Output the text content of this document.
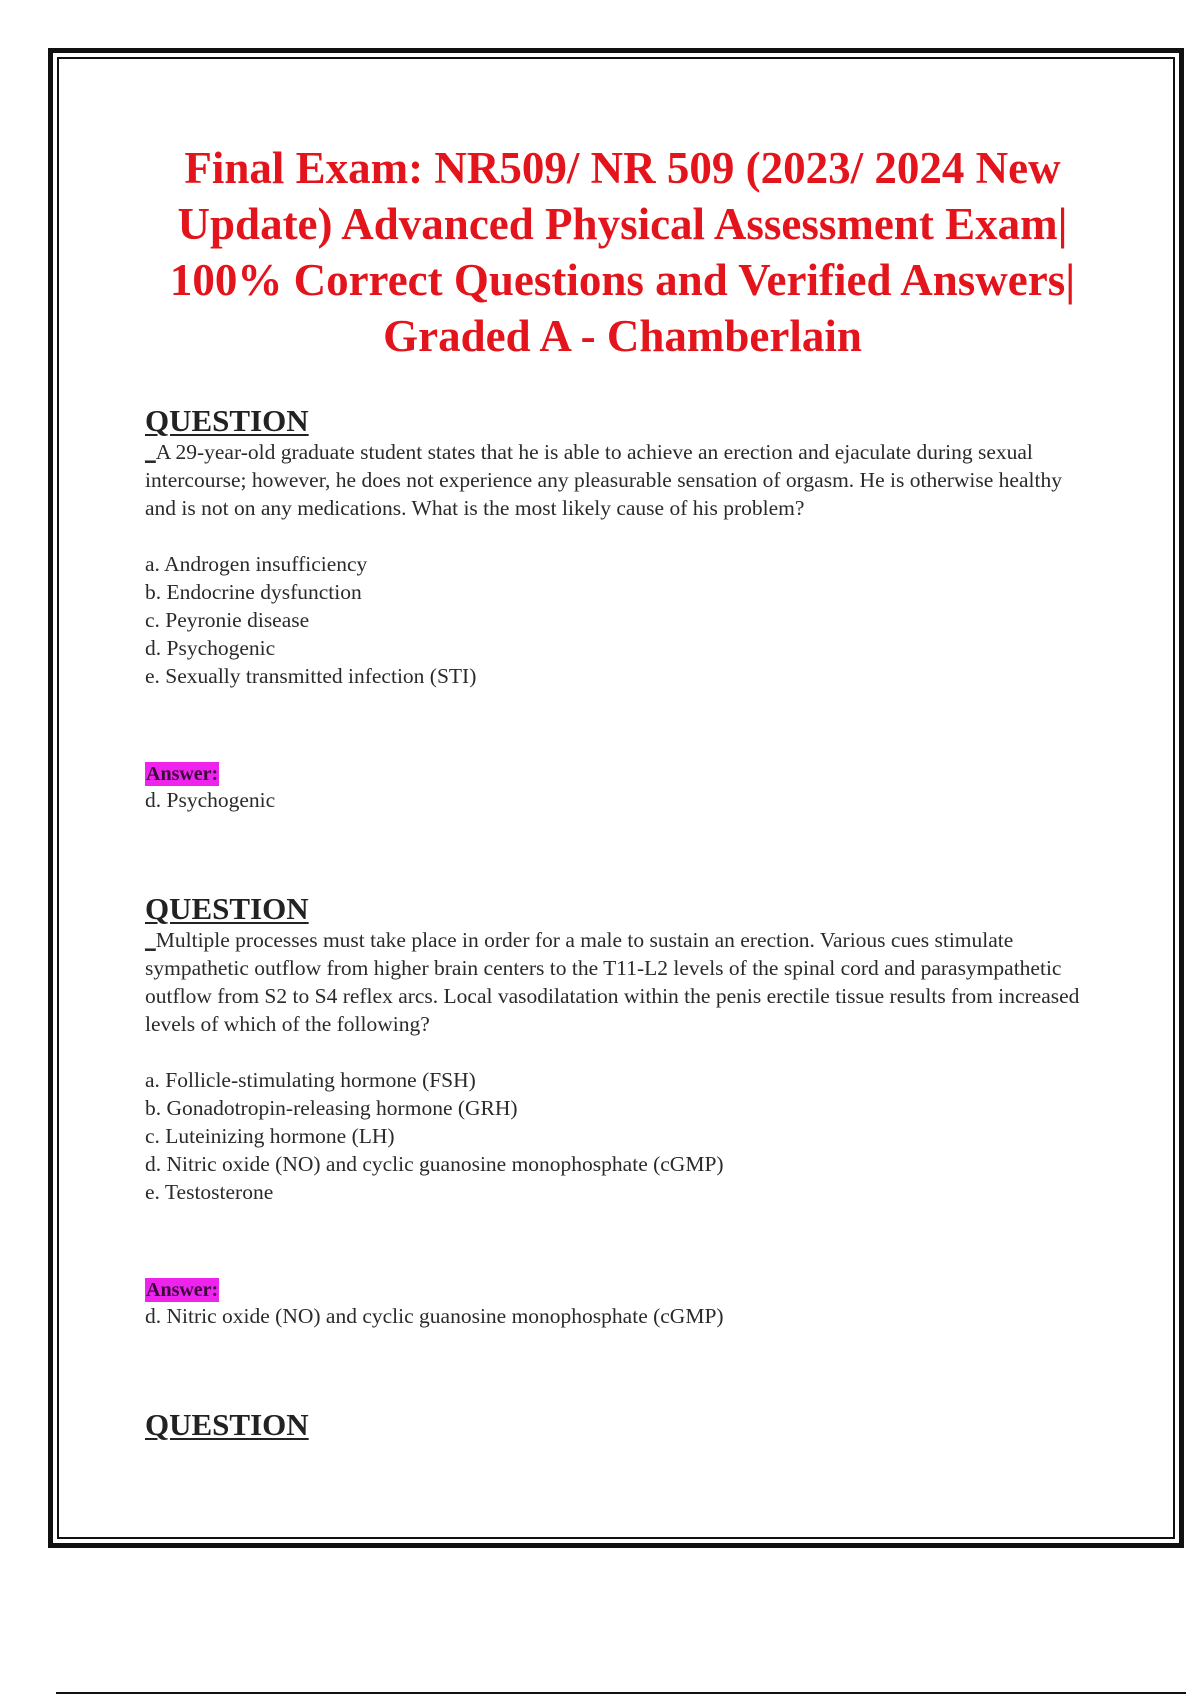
Final Exam: NR509/ NR 509 (2023/ 2024 New Update) Advanced Physical Assessment Exam| 100% Correct Questions and Verified Answers| Graded A - Chamberlain
QUESTION

_A 29-year-old graduate student states that he is able to achieve an erection and ejaculate during sexual intercourse; however, he does not experience any pleasurable sensation of orgasm. He is otherwise healthy and is not on any medications. What is the most likely cause of his problem?

a. Androgen insufficiency
b. Endocrine dysfunction
c. Peyronie disease
d. Psychogenic
e. Sexually transmitted infection (STI)
Answer:
d. Psychogenic
QUESTION

_Multiple processes must take place in order for a male to sustain an erection. Various cues stimulate sympathetic outflow from higher brain centers to the T11-L2 levels of the spinal cord and parasympathetic outflow from S2 to S4 reflex arcs. Local vasodilatation within the penis erectile tissue results from increased levels of which of the following?

a. Follicle-stimulating hormone (FSH)
b. Gonadotropin-releasing hormone (GRH)
c. Luteinizing hormone (LH)
d. Nitric oxide (NO) and cyclic guanosine monophosphate (cGMP)
e. Testosterone
Answer:
d. Nitric oxide (NO) and cyclic guanosine monophosphate (cGMP)
QUESTION
